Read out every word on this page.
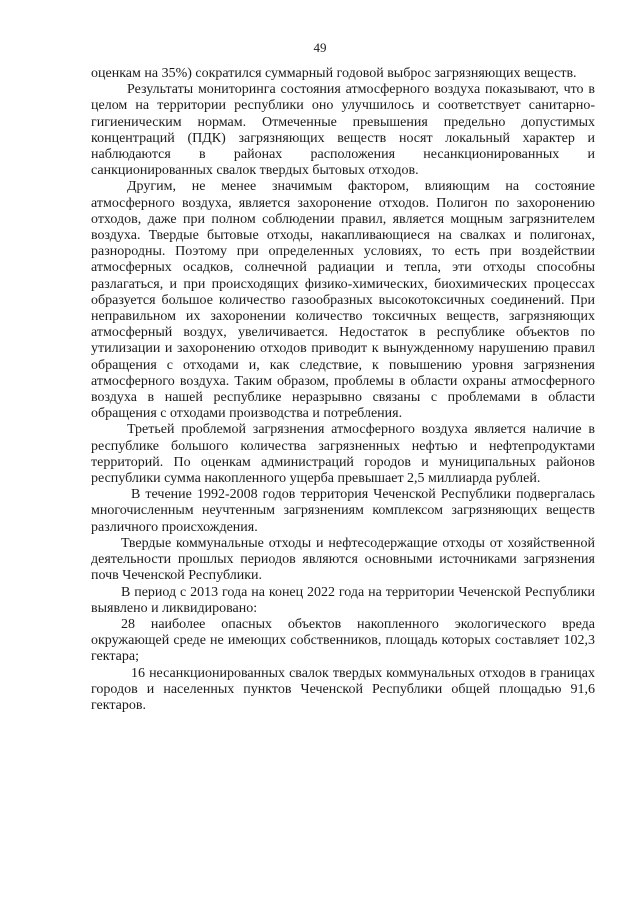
49

оценкам на 35%) сократился суммарный годовой выброс загрязняющих веществ.

Результаты мониторинга состояния атмосферного воздуха показывают, что в целом на территории республики оно улучшилось и соответствует санитарно-гигиеническим нормам. Отмеченные превышения предельно допустимых концентраций (ПДК) загрязняющих веществ носят локальный характер и наблюдаются в районах расположения несанкционированных и санкционированных свалок твердых бытовых отходов.

Другим, не менее значимым фактором, влияющим на состояние атмосферного воздуха, является захоронение отходов. Полигон по захоронению отходов, даже при полном соблюдении правил, является мощным загрязнителем воздуха. Твердые бытовые отходы, накапливающиеся на свалках и полигонах, разнородны. Поэтому при определенных условиях, то есть при воздействии атмосферных осадков, солнечной радиации и тепла, эти отходы способны разлагаться, и при происходящих физико-химических, биохимических процессах образуется большое количество газообразных высокотоксичных соединений. При неправильном их захоронении количество токсичных веществ, загрязняющих атмосферный воздух, увеличивается. Недостаток в республике объектов по утилизации и захоронению отходов приводит к вынужденному нарушению правил обращения с отходами и, как следствие, к повышению уровня загрязнения атмосферного воздуха. Таким образом, проблемы в области охраны атмосферного воздуха в нашей республике неразрывно связаны с проблемами в области обращения с отходами производства и потребления.

Третьей проблемой загрязнения атмосферного воздуха является наличие в республике большого количества загрязненных нефтью и нефтепродуктами территорий. По оценкам администраций городов и муниципальных районов республики сумма накопленного ущерба превышает 2,5 миллиарда рублей.

В течение 1992-2008 годов территория Чеченской Республики подвергалась многочисленным неучтенным загрязнениям комплексом загрязняющих веществ различного происхождения.

Твердые коммунальные отходы и нефтесодержащие отходы от хозяйственной деятельности прошлых периодов являются основными источниками загрязнения почв Чеченской Республики.

В период с 2013 года на конец 2022 года на территории Чеченской Республики выявлено и ликвидировано:

28 наиболее опасных объектов накопленного экологического вреда окружающей среде не имеющих собственников, площадь которых составляет 102,3 гектара;

16 несанкционированных свалок твердых коммунальных отходов в границах городов и населенных пунктов Чеченской Республики общей площадью 91,6 гектаров.
